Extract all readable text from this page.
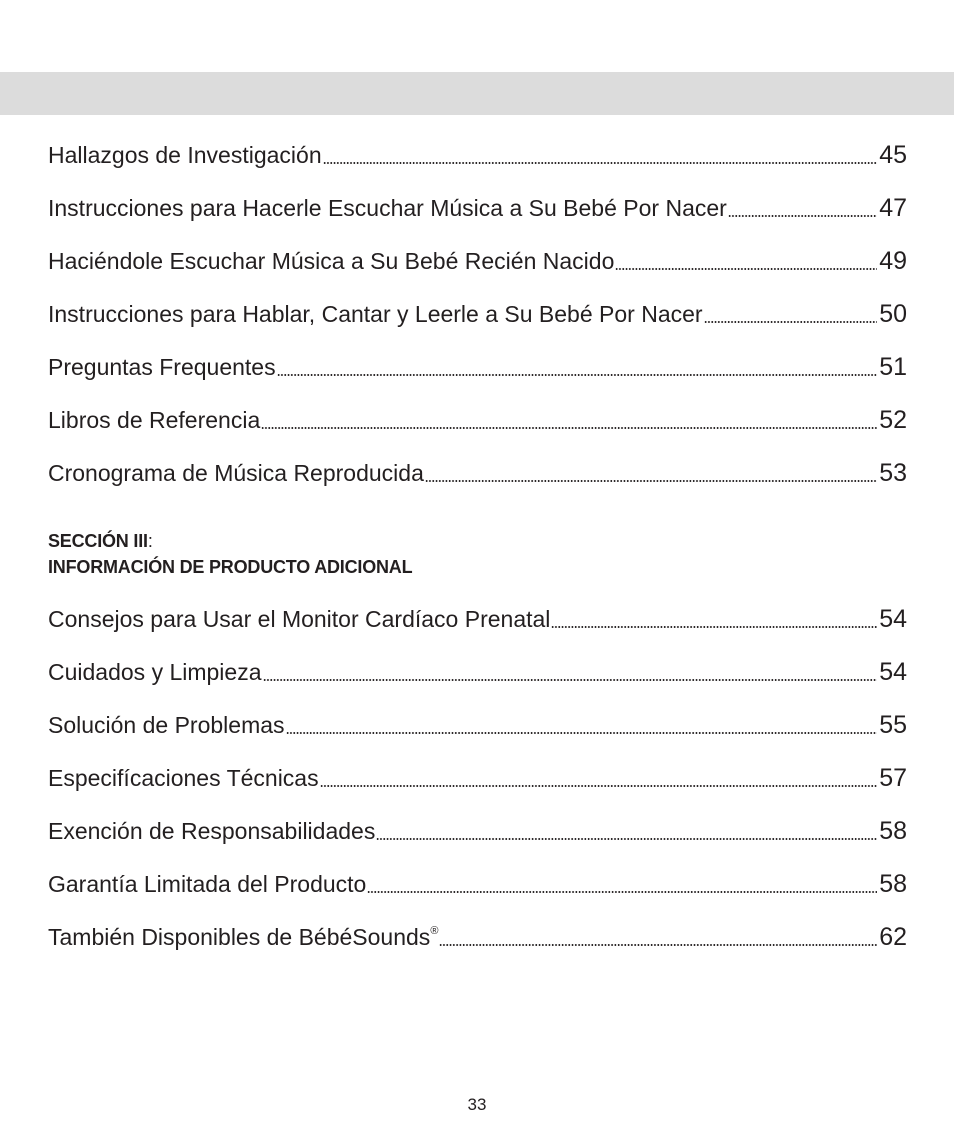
Hallazgos de Investigación	45
Instrucciones para Hacerle Escuchar Música a Su Bebé Por Nacer	47
Haciéndole Escuchar Música a Su Bebé Recién Nacido	49
Instrucciones para Hablar, Cantar y Leerle a Su Bebé Por Nacer	50
Preguntas Frequentes	51
Libros de Referencia	52
Cronograma de Música Reproducida	53
Consejos para Usar el Monitor Cardíaco Prenatal	54
Cuidados y Limpieza	54
Solución de Problemas	55
Especifícaciones Técnicas	57
Exención de Responsabilidades	58
Garantía Limitada del Producto	58
También Disponibles de BébéSounds®	62
SECCIÓN III:
INFORMACIÓN DE PRODUCTO ADICIONAL
33
